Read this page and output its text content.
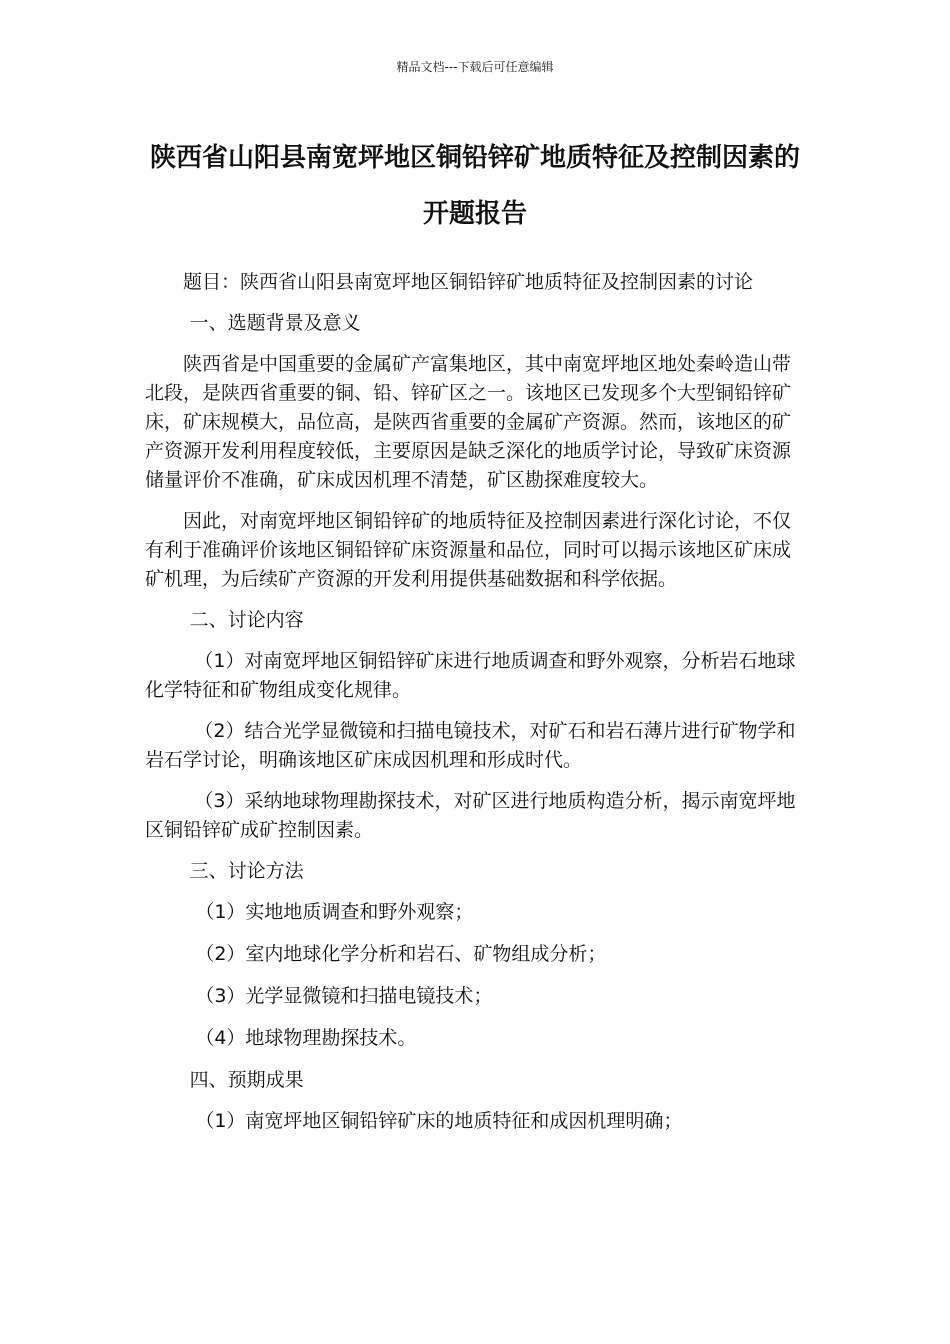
精品文档---下载后可任意编辑
陕西省山阳县南宽坪地区铜铅锌矿地质特征及控制因素的开题报告

题目：陕西省山阳县南宽坪地区铜铅锌矿地质特征及控制因素的讨论

一、选题背景及意义

陕西省是中国重要的金属矿产富集地区，其中南宽坪地区地处秦岭造山带北段，是陕西省重要的铜、铅、锌矿区之一。该地区已发现多个大型铜铅锌矿床，矿床规模大，品位高，是陕西省重要的金属矿产资源。然而，该地区的矿产资源开发利用程度较低，主要原因是缺乏深化的地质学讨论，导致矿床资源储量评价不准确，矿床成因机理不清楚，矿区勘探难度较大。

因此，对南宽坪地区铜铅锌矿的地质特征及控制因素进行深化讨论，不仅有利于准确评价该地区铜铅锌矿床资源量和品位，同时可以揭示该地区矿床成矿机理，为后续矿产资源的开发利用提供基础数据和科学依据。

二、讨论内容

（1）对南宽坪地区铜铅锌矿床进行地质调查和野外观察，分析岩石地球化学特征和矿物组成变化规律。

（2）结合光学显微镜和扫描电镜技术，对矿石和岩石薄片进行矿物学和岩石学讨论，明确该地区矿床成因机理和形成时代。

（3）采纳地球物理勘探技术，对矿区进行地质构造分析，揭示南宽坪地区铜铅锌矿成矿控制因素。

三、讨论方法

（1）实地地质调查和野外观察；

（2）室内地球化学分析和岩石、矿物组成分析；

（3）光学显微镜和扫描电镜技术；

（4）地球物理勘探技术。

四、预期成果

（1）南宽坪地区铜铅锌矿床的地质特征和成因机理明确；
